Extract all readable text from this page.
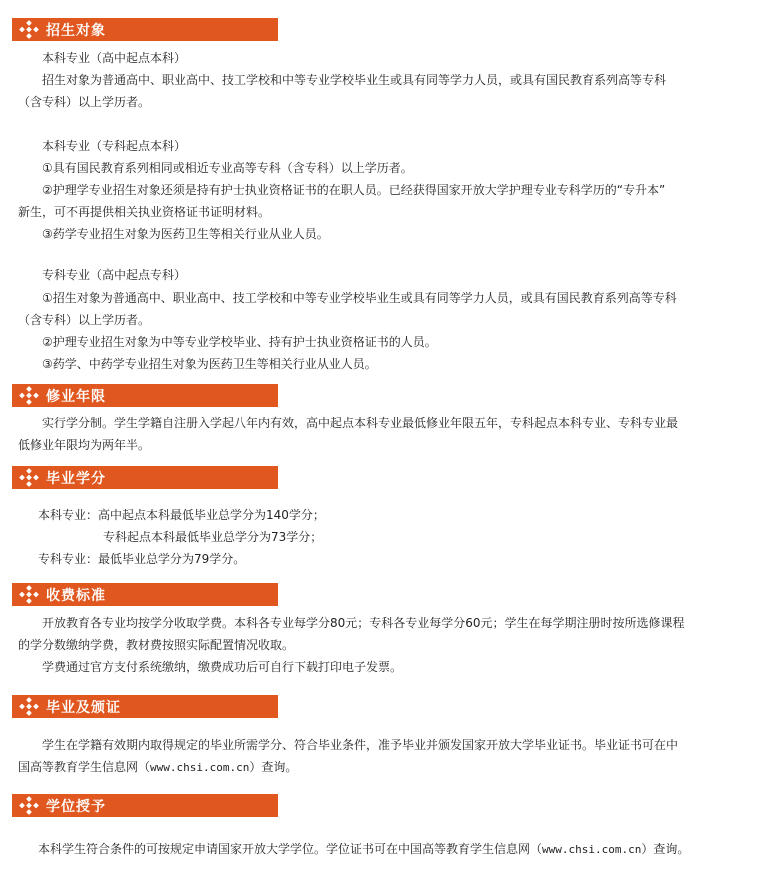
招生对象
本科专业（高中起点本科）
招生对象为普通高中、职业高中、技工学校和中等专业学校毕业生或具有同等学力人员，或具有国民教育系列高等专科
（含专科）以上学历者。
本科专业（专科起点本科）
①具有国民教育系列相同或相近专业高等专科（含专科）以上学历者。
②护理学专业招生对象还须是持有护士执业资格证书的在职人员。已经获得国家开放大学护理专业专科学历的“专升本”
新生，可不再提供相关执业资格证书证明材料。
③药学专业招生对象为医药卫生等相关行业从业人员。
专科专业（高中起点专科）
①招生对象为普通高中、职业高中、技工学校和中等专业学校毕业生或具有同等学力人员，或具有国民教育系列高等专科
（含专科）以上学历者。
②护理专业招生对象为中等专业学校毕业、持有护士执业资格证书的人员。
③药学、中药学专业招生对象为医药卫生等相关行业从业人员。
修业年限
实行学分制。学生学籍自注册入学起八年内有效，高中起点本科专业最低修业年限五年，专科起点本科专业、专科专业最
低修业年限均为两年半。
毕业学分
本科专业：高中起点本科最低毕业总学分为140学分；
专科起点本科最低毕业总学分为73学分；
专科专业：最低毕业总学分为79学分。
收费标准
开放教育各专业均按学分收取学费。本科各专业每学分80元；专科各专业每学分60元；学生在每学期注册时按所选修课程
的学分数缴纳学费，教材费按照实际配置情况收取。
学费通过官方支付系统缴纳，缴费成功后可自行下载打印电子发票。
毕业及颁证
学生在学籍有效期内取得规定的毕业所需学分、符合毕业条件，准予毕业并颁发国家开放大学毕业证书。毕业证书可在中
国高等教育学生信息网（www.chsi.com.cn）查询。
学位授予
本科学生符合条件的可按规定申请国家开放大学学位。学位证书可在中国高等教育学生信息网（www.chsi.com.cn）查询。
